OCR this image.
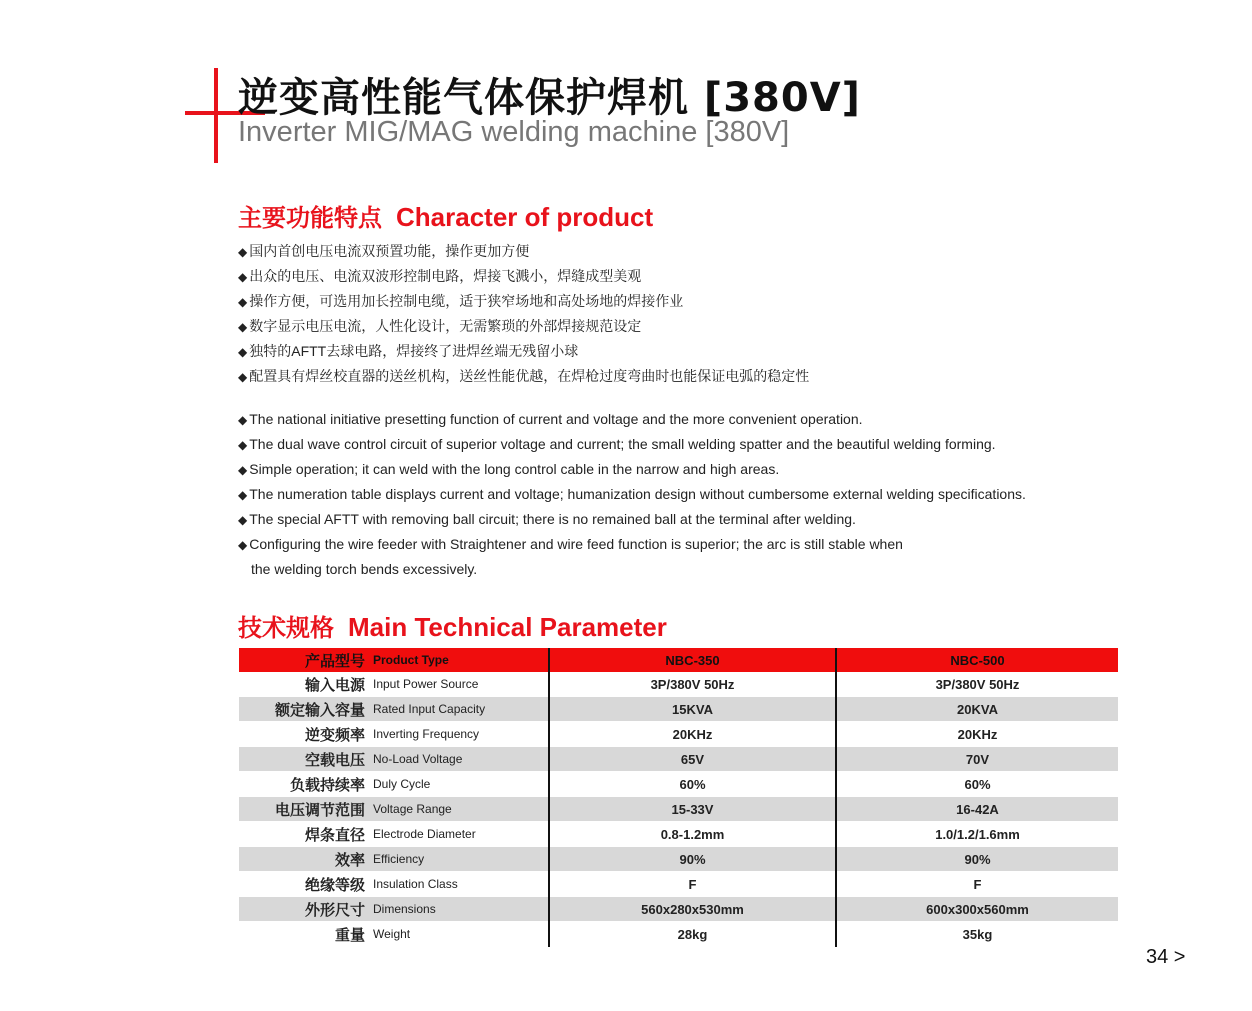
逆变高性能气体保护焊机 [380V]
Inverter MIG/MAG welding machine [380V]
主要功能特点 Character of product
◆ 国内首创电压电流双预置功能，操作更加方便
◆ 出众的电压、电流双波形控制电路，焊接飞溅小，焊缝成型美观
◆ 操作方便，可选用加长控制电缆，适于狭窄场地和高处场地的焊接作业
◆ 数字显示电压电流，人性化设计，无需繁琐的外部焊接规范设定
◆ 独特的AFTT去球电路，焊接终了进焊丝端无残留小球
◆ 配置具有焊丝校直器的送丝机构，送丝性能优越，在焊枪过度弯曲时也能保证电弧的稳定性
◆ The national initiative presetting function of current and voltage and the more convenient operation.
◆ The dual wave control circuit of superior voltage and current; the small welding spatter and the beautiful welding forming.
◆ Simple operation; it can weld with the long control cable in the narrow and high areas.
◆ The numeration table displays current and voltage; humanization design without cumbersome external welding specifications.
◆ The special AFTT with removing ball circuit; there is no remained ball at the terminal after welding.
◆ Configuring the wire feeder with Straightener and wire feed function is superior; the arc is still stable when
the welding torch bends excessively.
技术规格 Main Technical Parameter
产品型号	Product Type	NBC-350	NBC-500
输入电源	Input Power Source	3P/380V 50Hz	3P/380V 50Hz
额定输入容量	Rated Input Capacity	15KVA	20KVA
逆变频率	Inverting Frequency	20KHz	20KHz
空载电压	No-Load Voltage	65V	70V
负载持续率	Duly Cycle	60%	60%
电压调节范围	Voltage Range	15-33V	16-42A
焊条直径	Electrode Diameter	0.8-1.2mm	1.0/1.2/1.6mm
效率	Efficiency	90%	90%
绝缘等级	Insulation Class	F	F
外形尺寸	Dimensions	560x280x530mm	600x300x560mm
重量	Weight	28kg	35kg
34 >
